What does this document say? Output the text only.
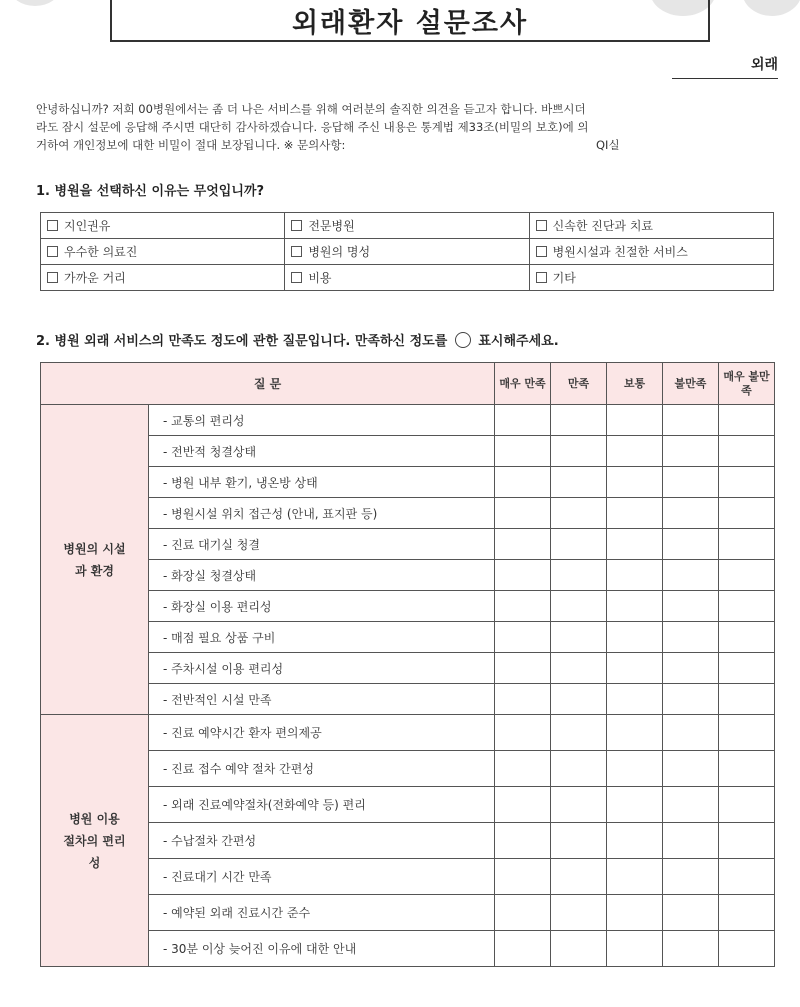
외래환자 설문조사
외래
안녕하십니까? 저희 00병원에서는 좀 더 나은 서비스를 위해 여러분의 솔직한 의견을 듣고자 합니다. 바쁘시더
라도 잠시 설문에 응답해 주시면 대단히 감사하겠습니다. 응답해 주신 내용은 통계법 제33조(비밀의 보호)에 의
거하여 개인정보에 대한 비밀이 절대 보장됩니다. ※ 문의사항:	QI실
1. 병원을 선택하신 이유는 무엇입니까?
지인권유	전문병원	신속한 진단과 치료
우수한 의료진	병원의 명성	병원시설과 친절한 서비스
가까운 거리	비용	기타
2. 병원 외래 서비스의 만족도 정도에 관한 질문입니다. 만족하신 정도를 표시해주세요.
질 문		매우 만족	만족	보통	불만족	매우 불만족
병원의 시설과 환경	- 교통의 편리성					
	- 전반적 청결상태					
	- 병원 내부 환기, 냉온방 상태					
	- 병원시설 위치 접근성 (안내, 표지판 등)					
	- 진료 대기실 청결					
	- 화장실 청결상태					
	- 화장실 이용 편리성					
	- 매점 필요 상품 구비					
	- 주차시설 이용 편리성					
	- 전반적인 시설 만족					
병원 이용 절차의 편리성	- 진료 예약시간 환자 편의제공					
	- 진료 접수 예약 절차 간편성					
	- 외래 진료예약절차(전화예약 등) 편리					
	- 수납절차 간편성					
	- 진료대기 시간 만족					
	- 예약된 외래 진료시간 준수					
	- 30분 이상 늦어진 이유에 대한 안내					
